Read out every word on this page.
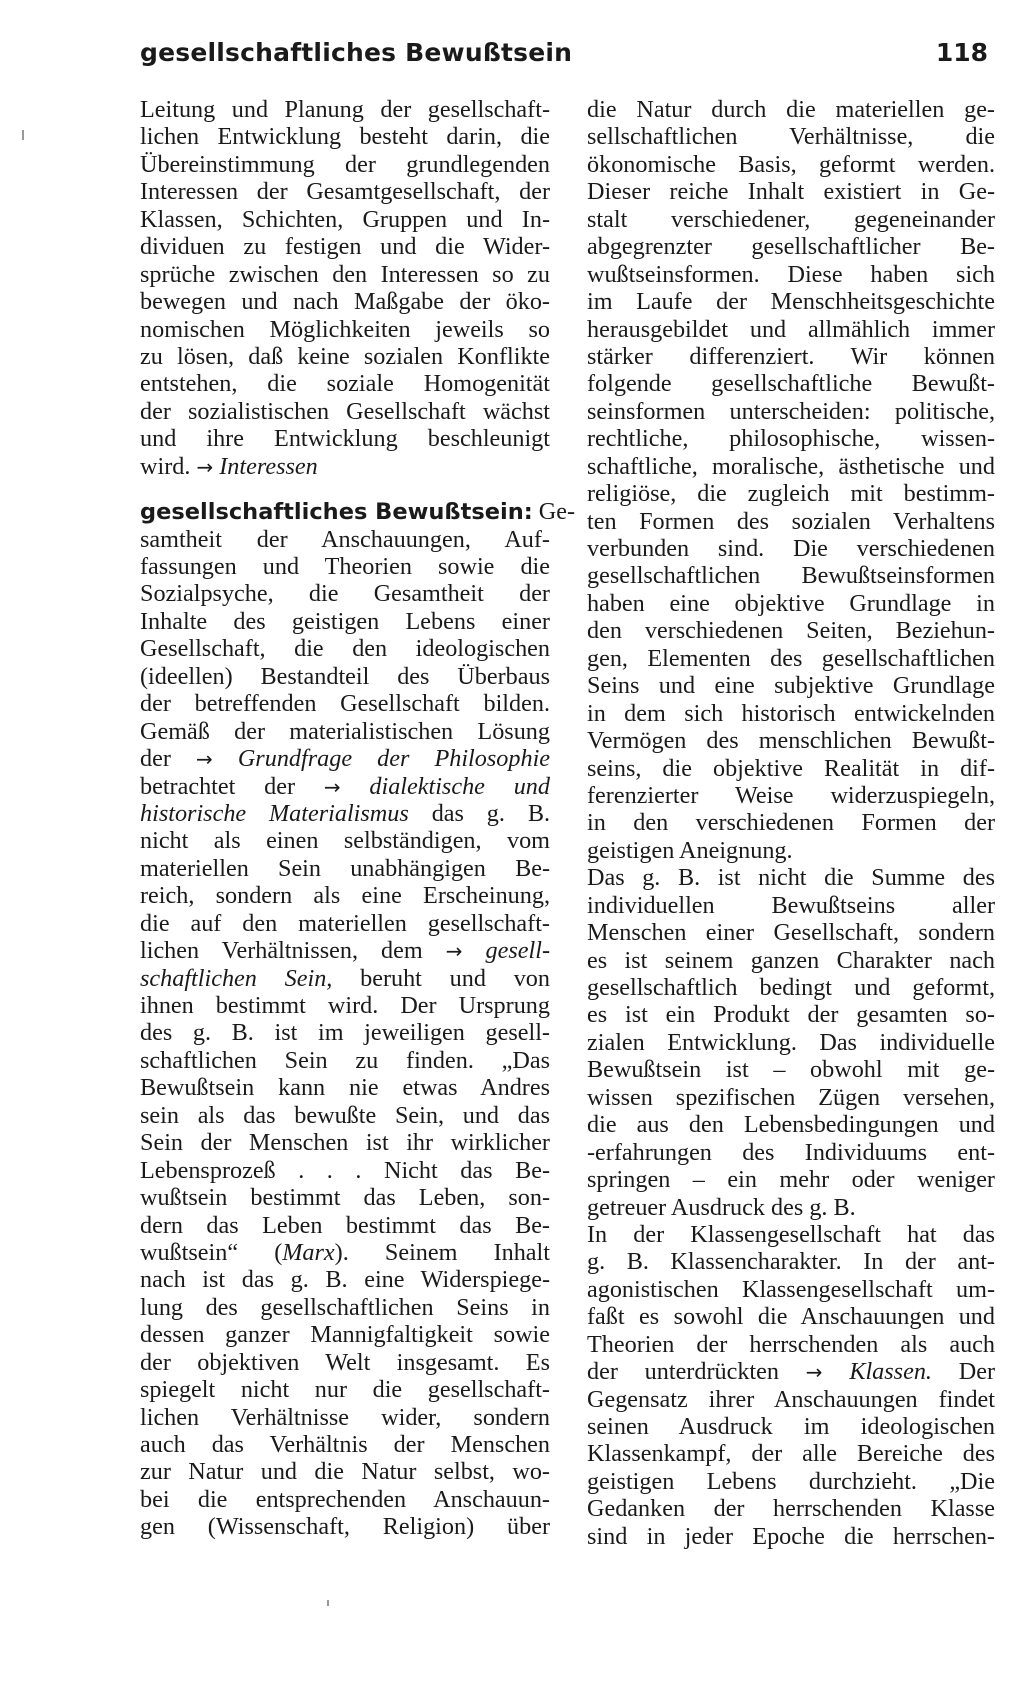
gesellschaftliches Bewußtsein	118
Leitung und Planung der gesellschaft-
lichen Entwicklung besteht darin, die
Übereinstimmung der grundlegenden
Interessen der Gesamtgesellschaft, der
Klassen, Schichten, Gruppen und In-
dividuen zu festigen und die Wider-
sprüche zwischen den Interessen so zu
bewegen und nach Maßgabe der öko-
nomischen Möglichkeiten jeweils so
zu lösen, daß keine sozialen Konflikte
entstehen, die soziale Homogenität
der sozialistischen Gesellschaft wächst
und ihre Entwicklung beschleunigt
wird. → Interessen
gesellschaftliches Bewußtsein: Ge-
samtheit der Anschauungen, Auf-
fassungen und Theorien sowie die
Sozialpsyche, die Gesamtheit der
Inhalte des geistigen Lebens einer
Gesellschaft, die den ideologischen
(ideellen) Bestandteil des Überbaus
der betreffenden Gesellschaft bilden.
Gemäß der materialistischen Lösung
der → Grundfrage der Philosophie
betrachtet der → dialektische und
historische Materialismus das g. B.
nicht als einen selbständigen, vom
materiellen Sein unabhängigen Be-
reich, sondern als eine Erscheinung,
die auf den materiellen gesellschaft-
lichen Verhältnissen, dem → gesell-
schaftlichen Sein, beruht und von
ihnen bestimmt wird. Der Ursprung
des g. B. ist im jeweiligen gesell-
schaftlichen Sein zu finden. „Das
Bewußtsein kann nie etwas Andres
sein als das bewußte Sein, und das
Sein der Menschen ist ihr wirklicher
Lebensprozeß . . . Nicht das Be-
wußtsein bestimmt das Leben, son-
dern das Leben bestimmt das Be-
wußtsein“ (Marx). Seinem Inhalt
nach ist das g. B. eine Widerspiege-
lung des gesellschaftlichen Seins in
dessen ganzer Mannigfaltigkeit sowie
der objektiven Welt insgesamt. Es
spiegelt nicht nur die gesellschaft-
lichen Verhältnisse wider, sondern
auch das Verhältnis der Menschen
zur Natur und die Natur selbst, wo-
bei die entsprechenden Anschauun-
gen (Wissenschaft, Religion) über
die Natur durch die materiellen ge-
sellschaftlichen Verhältnisse, die
ökonomische Basis, geformt werden.
Dieser reiche Inhalt existiert in Ge-
stalt verschiedener, gegeneinander
abgegrenzter gesellschaftlicher Be-
wußtseinsformen. Diese haben sich
im Laufe der Menschheitsgeschichte
herausgebildet und allmählich immer
stärker differenziert. Wir können
folgende gesellschaftliche Bewußt-
seinsformen unterscheiden: politische,
rechtliche, philosophische, wissen-
schaftliche, moralische, ästhetische und
religiöse, die zugleich mit bestimm-
ten Formen des sozialen Verhaltens
verbunden sind. Die verschiedenen
gesellschaftlichen Bewußtseinsformen
haben eine objektive Grundlage in
den verschiedenen Seiten, Beziehun-
gen, Elementen des gesellschaftlichen
Seins und eine subjektive Grundlage
in dem sich historisch entwickelnden
Vermögen des menschlichen Bewußt-
seins, die objektive Realität in dif-
ferenzierter Weise widerzuspiegeln,
in den verschiedenen Formen der
geistigen Aneignung.
Das g. B. ist nicht die Summe des
individuellen Bewußtseins aller
Menschen einer Gesellschaft, sondern
es ist seinem ganzen Charakter nach
gesellschaftlich bedingt und geformt,
es ist ein Produkt der gesamten so-
zialen Entwicklung. Das individuelle
Bewußtsein ist – obwohl mit ge-
wissen spezifischen Zügen versehen,
die aus den Lebensbedingungen und
-erfahrungen des Individuums ent-
springen – ein mehr oder weniger
getreuer Ausdruck des g. B.
In der Klassengesellschaft hat das
g. B. Klassencharakter. In der ant-
agonistischen Klassengesellschaft um-
faßt es sowohl die Anschauungen und
Theorien der herrschenden als auch
der unterdrückten → Klassen. Der
Gegensatz ihrer Anschauungen findet
seinen Ausdruck im ideologischen
Klassenkampf, der alle Bereiche des
geistigen Lebens durchzieht. „Die
Gedanken der herrschenden Klasse
sind in jeder Epoche die herrschen-
